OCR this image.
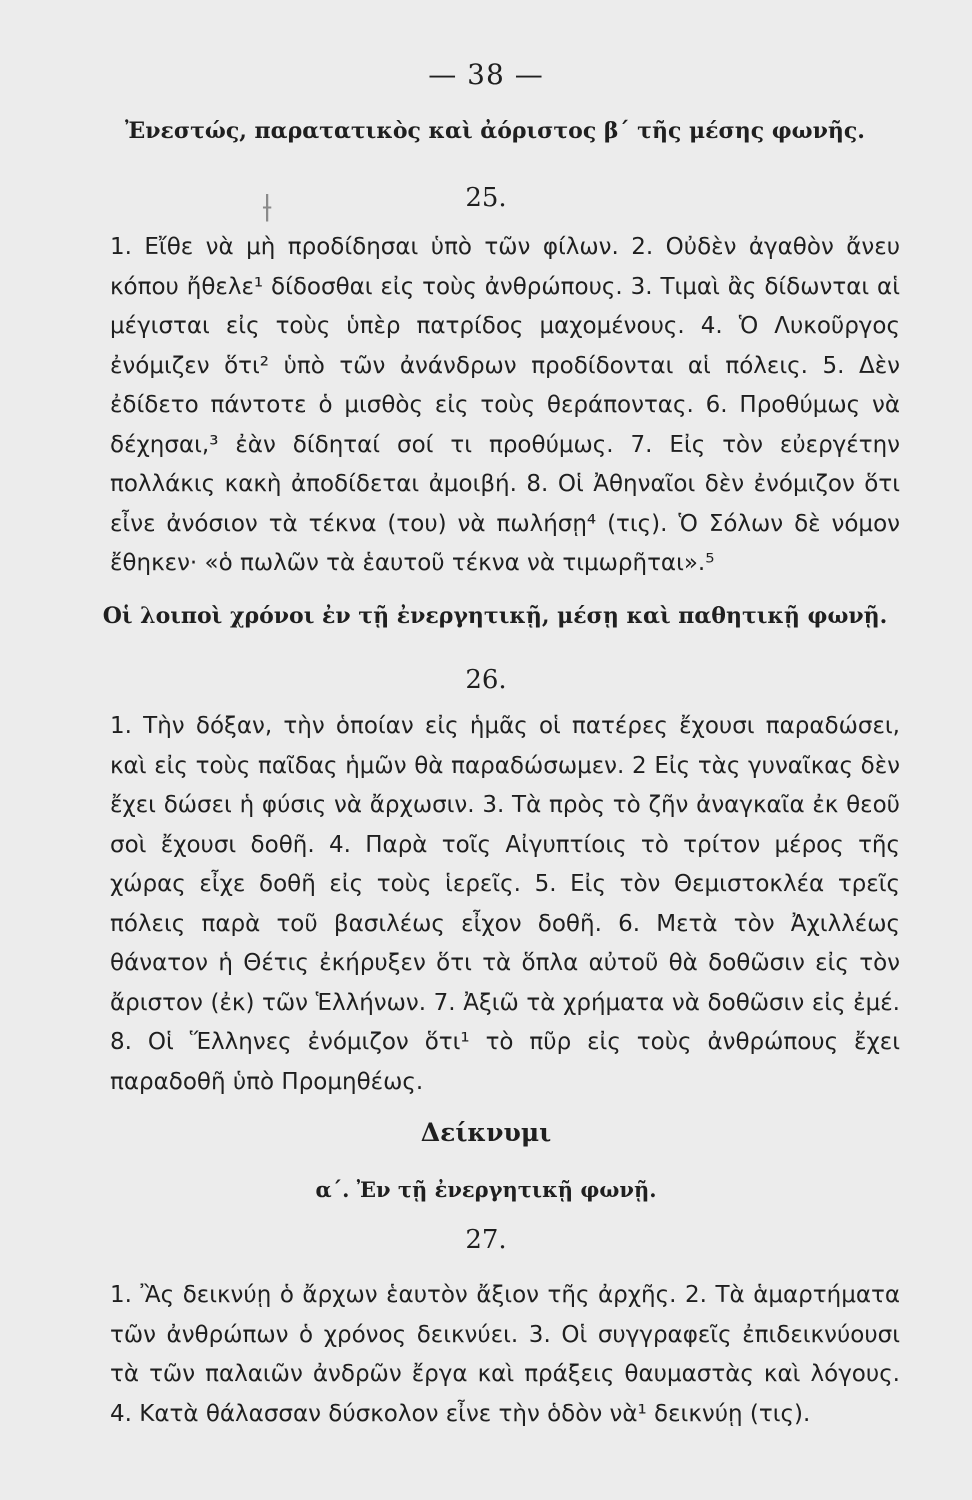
— 38 —
Ἐνεστώς, παρατατικὸς καὶ ἀόριστος β΄ τῆς μέσης φωνῆς.
⟊	25.

1. Εἴθε νὰ μὴ προδίδησαι ὑπὸ τῶν φίλων. 2. Οὐδὲν ἀγαθὸν ἄνευ κόπου ἤθελε¹ δίδοσθαι εἰς τοὺς ἀνθρώπους. 3. Τιμαὶ ἂς δίδωνται αἱ μέγισται εἰς τοὺς ὑπὲρ πατρίδος μαχομένους. 4. Ὁ Λυκοῦργος ἐνόμιζεν ὅτι² ὑπὸ τῶν ἀνάνδρων προδίδονται αἱ πόλεις. 5. Δὲν ἐδίδετο πάντοτε ὁ μισθὸς εἰς τοὺς θεράποντας. 6. Προθύμως νὰ δέχησαι,³ ἐὰν δίδηταί σοί τι προθύμως. 7. Εἰς τὸν εὐεργέτην πολλάκις κακὴ ἀποδίδεται ἀμοιβή. 8. Οἱ Ἀθηναῖοι δὲν ἐνόμιζον ὅτι εἶνε ἀνόσιον τὰ τέκνα (του) νὰ πωλήσῃ⁴ (τις). Ὁ Σόλων δὲ νόμον ἔθηκεν· «ὁ πωλῶν τὰ ἑαυτοῦ τέκνα νὰ τιμωρῆται».⁵

Οἱ λοιποὶ χρόνοι ἐν τῇ ἐνεργητικῇ, μέσῃ καὶ παθητικῇ φωνῇ.
26.

1. Τὴν δόξαν, τὴν ὁποίαν εἰς ἡμᾶς οἱ πατέρες ἔχουσι παραδώσει, καὶ εἰς τοὺς παῖδας ἡμῶν θὰ παραδώσωμεν. 2 Εἰς τὰς γυναῖκας δὲν ἔχει δώσει ἡ φύσις νὰ ἄρχωσιν. 3. Τὰ πρὸς τὸ ζῆν ἀναγκαῖα ἐκ θεοῦ σοὶ ἔχουσι δοθῆ. 4. Παρὰ τοῖς Αἰγυπτίοις τὸ τρίτον μέρος τῆς χώρας εἶχε δοθῆ εἰς τοὺς ἱερεῖς. 5. Εἰς τὸν Θεμιστοκλέα τρεῖς πόλεις παρὰ τοῦ βασιλέως εἶχον δοθῆ. 6. Μετὰ τὸν Ἀχιλλέως θάνατον ἡ Θέτις ἐκήρυξεν ὅτι τὰ ὅπλα αὐτοῦ θὰ δοθῶσιν εἰς τὸν ἄριστον (ἐκ) τῶν Ἑλλήνων. 7. Ἀξιῶ τὰ χρήματα νὰ δοθῶσιν εἰς ἐμέ. 8. Οἱ Ἕλληνες ἐνόμιζον ὅτι¹ τὸ πῦρ εἰς τοὺς ἀνθρώπους ἔχει παραδοθῆ ὑπὸ Προμηθέως.

Δείκνυμι
α΄. Ἐν τῇ ἐνεργητικῇ φωνῇ.
27.

1. Ἂς δεικνύῃ ὁ ἄρχων ἑαυτὸν ἄξιον τῆς ἀρχῆς. 2. Τὰ ἁμαρτήματα τῶν ἀνθρώπων ὁ χρόνος δεικνύει. 3. Οἱ συγγραφεῖς ἐπιδεικνύουσι τὰ τῶν παλαιῶν ἀνδρῶν ἔργα καὶ πράξεις θαυμαστὰς καὶ λόγους. 4. Κατὰ θάλασσαν δύσκολον εἶνε τὴν ὁδὸν νὰ¹ δεικνύῃ (τις).
